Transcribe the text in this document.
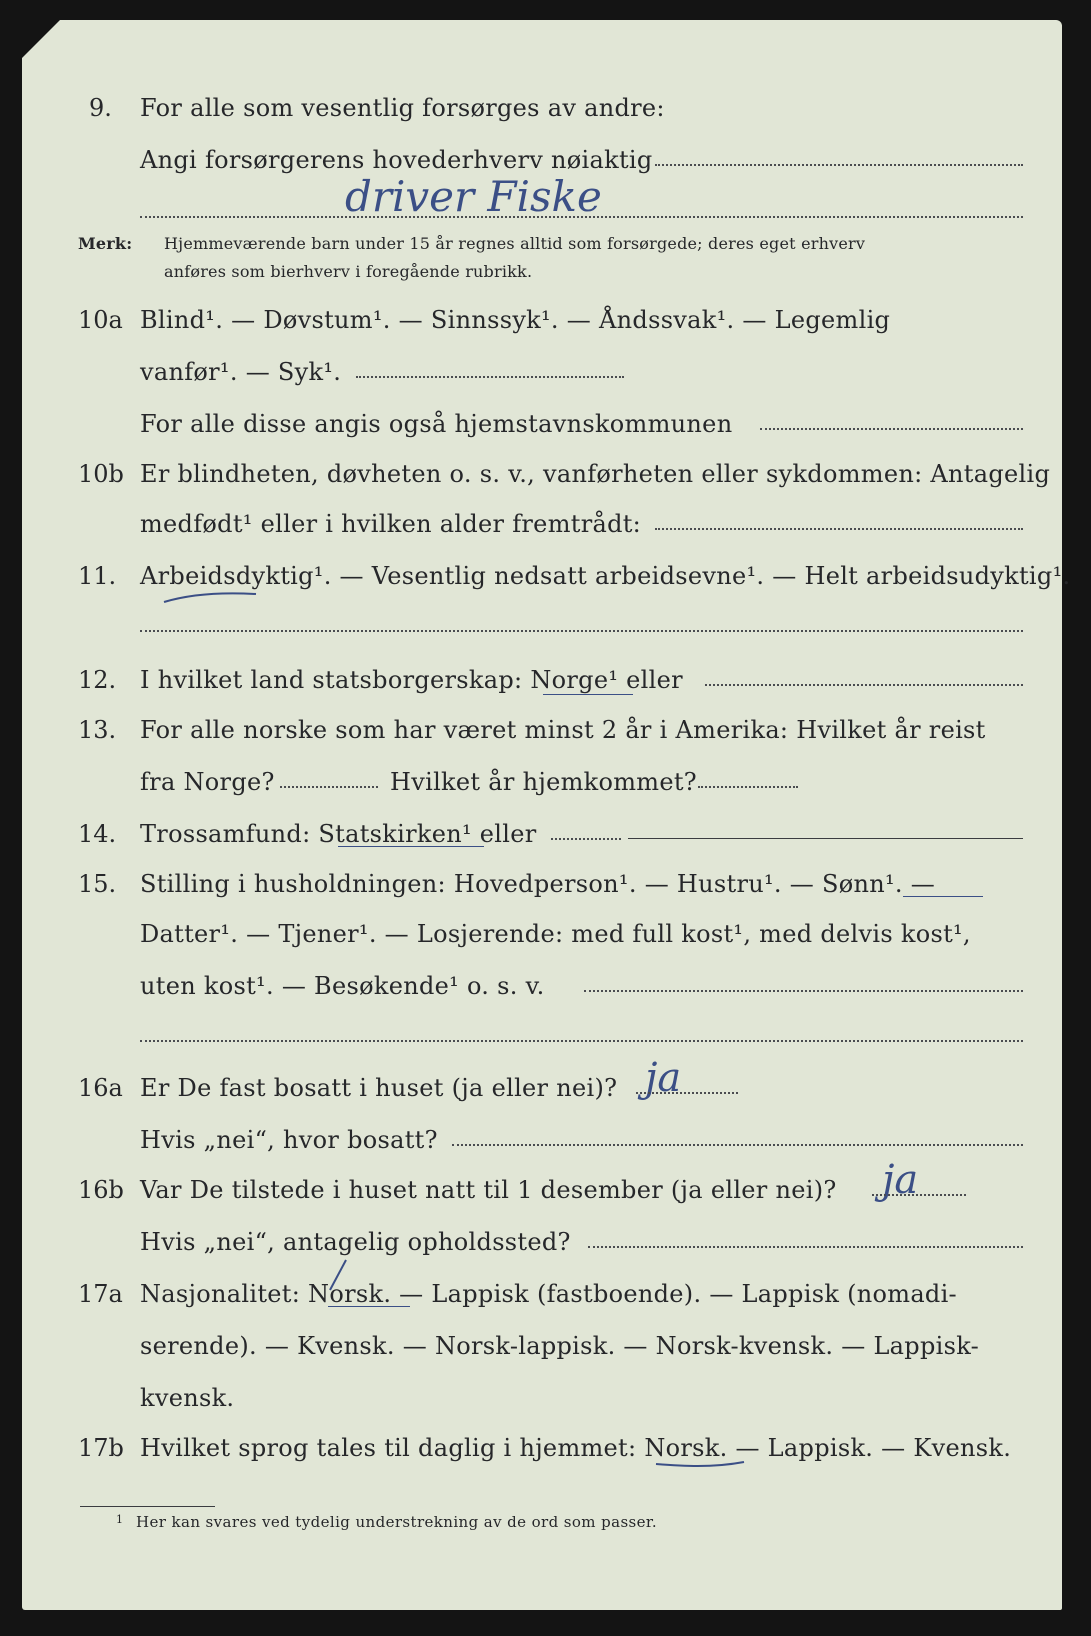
9. For alle som vesentlig forsørges av andre:
Angi forsørgerens hovederhverv nøiaktig
driver Fiske
Merk: Hjemmeværende barn under 15 år regnes alltid som forsørgede; deres eget erhverv
anføres som bierhverv i foregående rubrikk.
10a Blind¹. — Døvstum¹. — Sinnssyk¹. — Åndssvak¹. — Legemlig
vanfør¹. — Syk¹.
For alle disse angis også hjemstavnskommunen
10b Er blindheten, døvheten o. s. v., vanførheten eller sykdommen: Antagelig
medfødt¹ eller i hvilken alder fremtrådt:
11. Arbeidsdyktig¹. — Vesentlig nedsatt arbeidsevne¹. — Helt arbeidsudyktig¹.
12. I hvilket land statsborgerskap: Norge¹ eller
13. For alle norske som har været minst 2 år i Amerika: Hvilket år reist
fra Norge?	Hvilket år hjemkommet?
14. Trossamfund: Statskirken¹ eller
15. Stilling i husholdningen: Hovedperson¹. — Hustru¹. — Sønn¹. —
Datter¹. — Tjener¹. — Losjerende: med full kost¹, med delvis kost¹,
uten kost¹. — Besøkende¹ o. s. v.
16a Er De fast bosatt i huset (ja eller nei)? ja
Hvis „nei“, hvor bosatt?
16b Var De tilstede i huset natt til 1 desember (ja eller nei)? ja
Hvis „nei“, antagelig opholdssted?
17a Nasjonalitet: Norsk. — Lappisk (fastboende). — Lappisk (nomadi-
serende). — Kvensk. — Norsk-lappisk. — Norsk-kvensk. — Lappisk-
kvensk.
17b Hvilket sprog tales til daglig i hjemmet: Norsk. — Lappisk. — Kvensk.
1 Her kan svares ved tydelig understrekning av de ord som passer.
